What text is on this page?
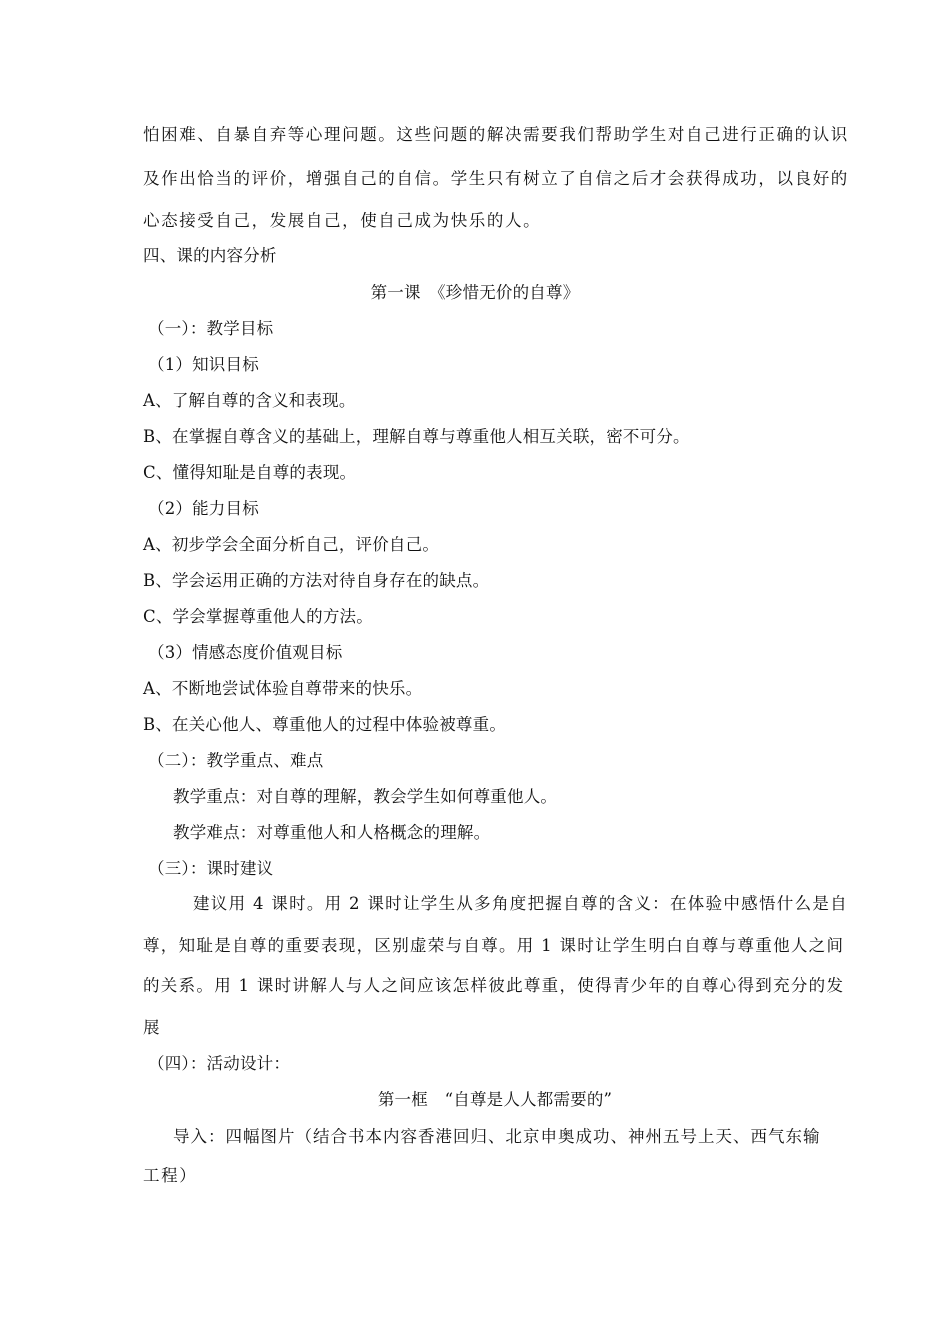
怕困难、自暴自弃等心理问题。这些问题的解决需要我们帮助学生对自己进行正确的认识
及作出恰当的评价，增强自己的自信。学生只有树立了自信之后才会获得成功，以良好的
心态接受自己，发展自己，使自己成为快乐的人。
四、课的内容分析
第一课　《珍惜无价的自尊》
（一）：教学目标
（1）知识目标
A、了解自尊的含义和表现。
B、在掌握自尊含义的基础上，理解自尊与尊重他人相互关联，密不可分。
C、懂得知耻是自尊的表现。
（2）能力目标
A、初步学会全面分析自己，评价自己。
B、学会运用正确的方法对待自身存在的缺点。
C、学会掌握尊重他人的方法。
（3）情感态度价值观目标
A、不断地尝试体验自尊带来的快乐。
B、在关心他人、尊重他人的过程中体验被尊重。
（二）：教学重点、难点
教学重点：对自尊的理解，教会学生如何尊重他人。
教学难点：对尊重他人和人格概念的理解。
（三）：课时建议
建议用 4 课时。用 2 课时让学生从多角度把握自尊的含义：在体验中感悟什么是自
尊，知耻是自尊的重要表现，区别虚荣与自尊。用 1 课时让学生明白自尊与尊重他人之间
的关系。用 1 课时讲解人与人之间应该怎样彼此尊重，使得青少年的自尊心得到充分的发
展
（四）：活动设计：
第一框　“自尊是人人都需要的”
导入：四幅图片（结合书本内容香港回归、北京申奥成功、神州五号上天、西气东输
工程）
